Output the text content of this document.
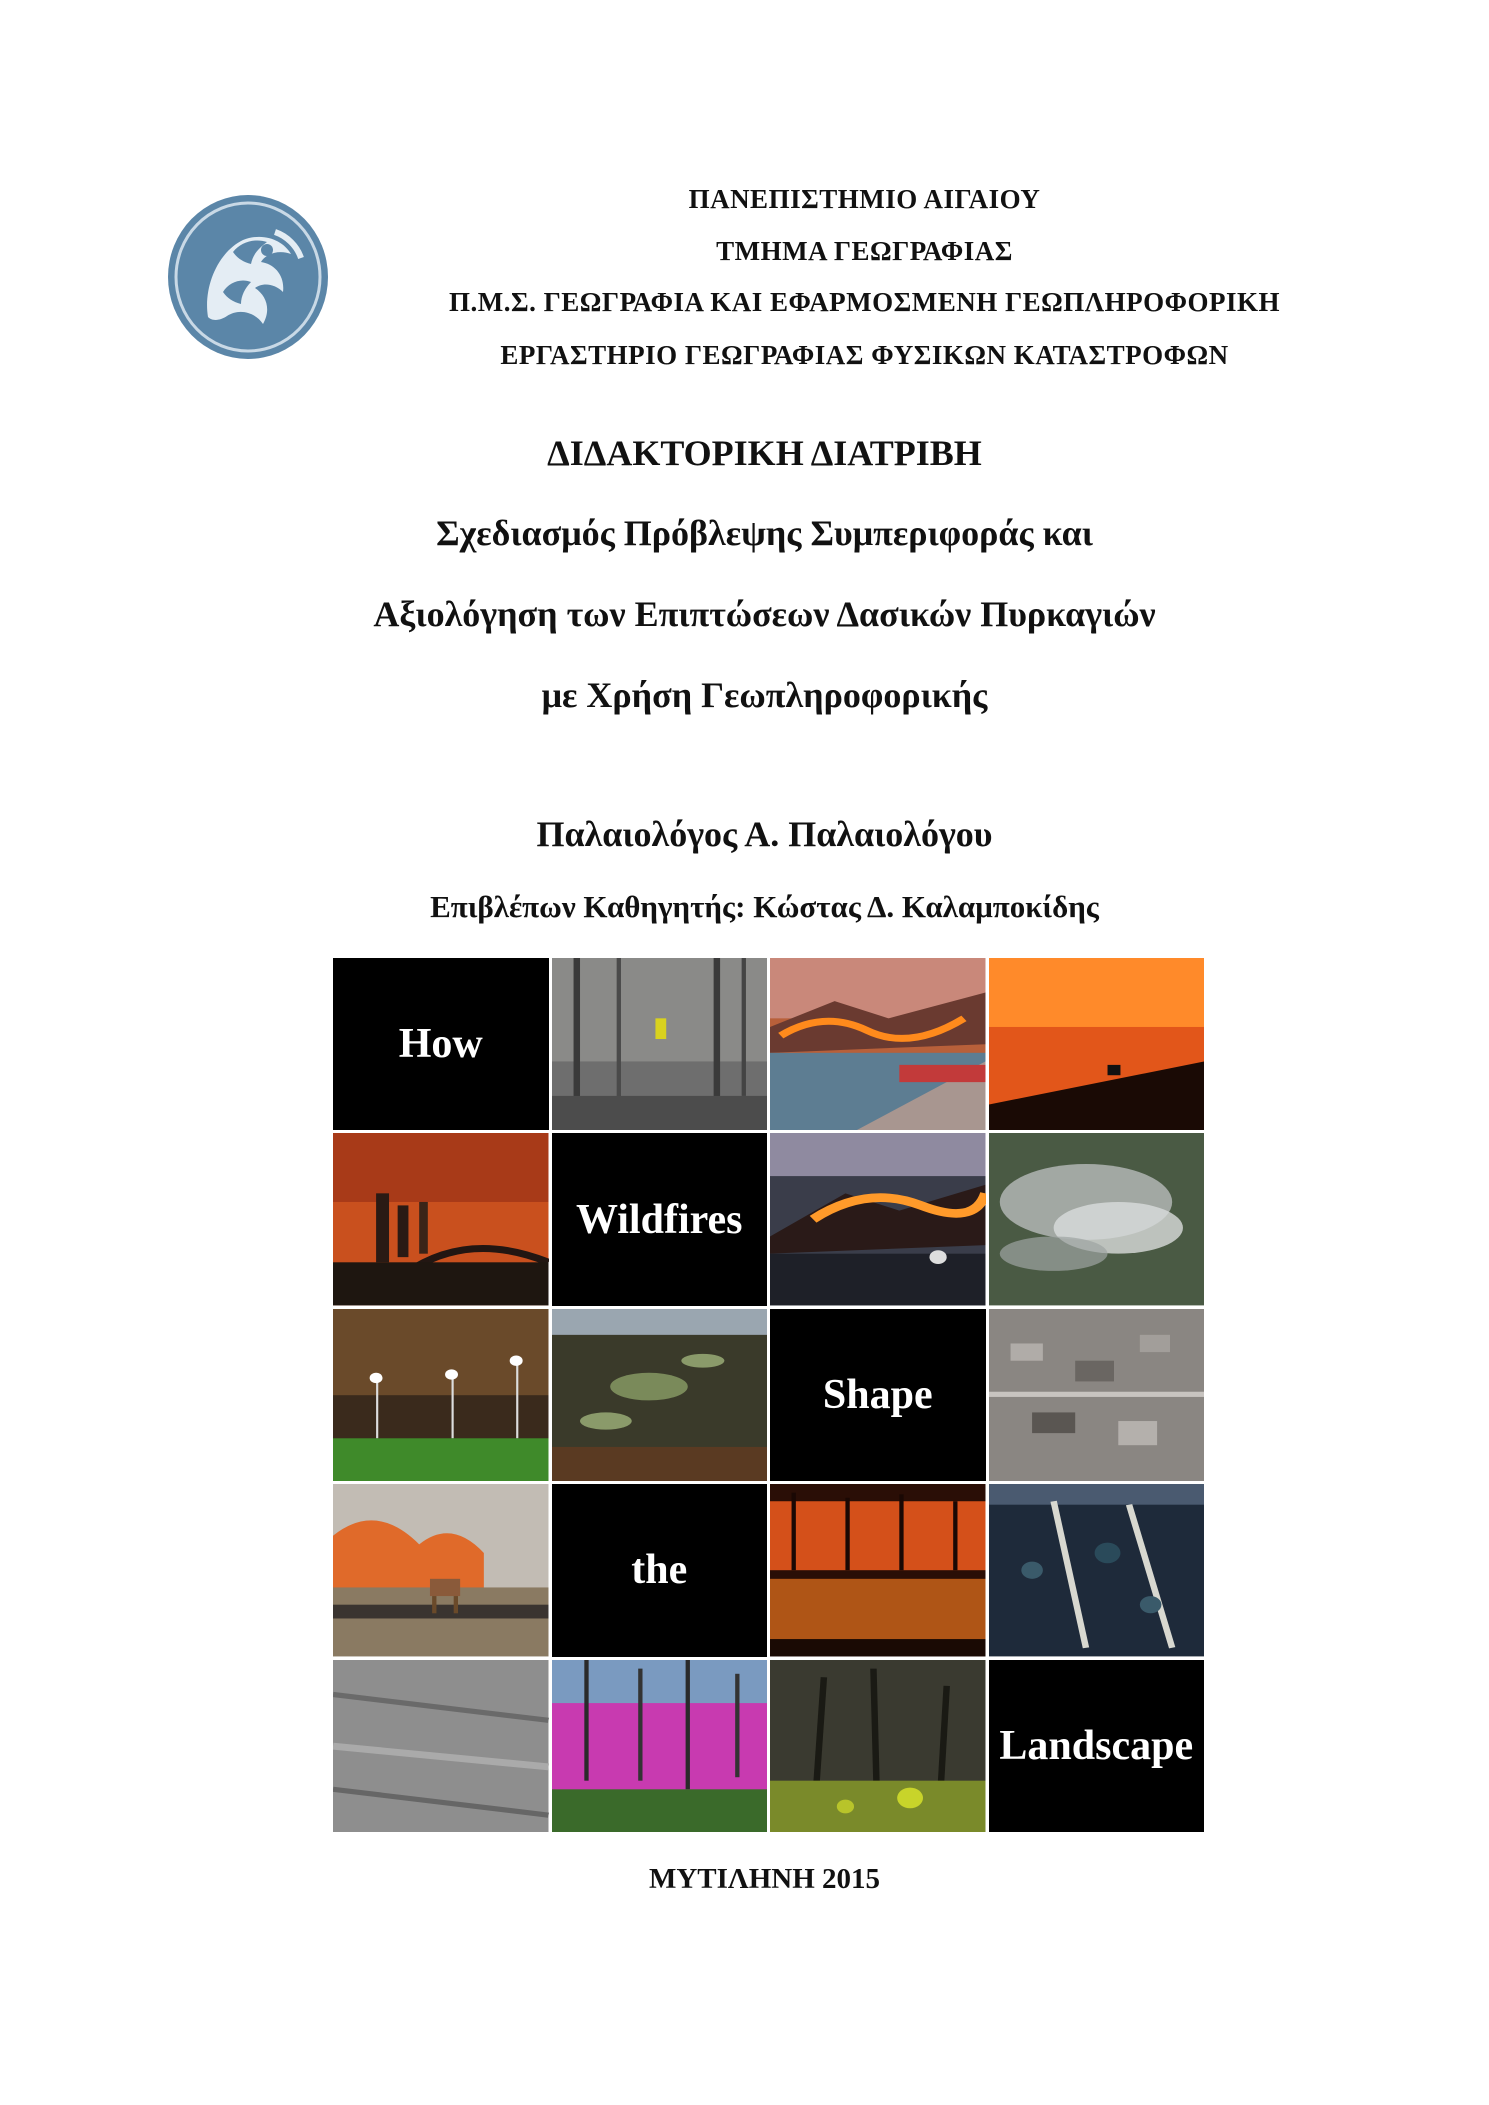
ΠΑΝΕΠΙΣΤΗΜΙΟ ΑΙΓΑΙΟΥ
ΤΜΗΜΑ ΓΕΩΓΡΑΦΙΑΣ
Π.Μ.Σ. ΓΕΩΓΡΑΦΙΑ ΚΑΙ ΕΦΑΡΜΟΣΜΕΝΗ ΓΕΩΠΛΗΡΟΦΟΡΙΚΗ
ΕΡΓΑΣΤΗΡΙΟ ΓΕΩΓΡΑΦΙΑΣ ΦΥΣΙΚΩΝ ΚΑΤΑΣΤΡΟΦΩΝ
ΔΙΔΑΚΤΟΡΙΚΗ ΔΙΑΤΡΙΒΗ
Σχεδιασμός Πρόβλεψης Συμπεριφοράς και
Αξιολόγηση των Επιπτώσεων Δασικών Πυρκαγιών
με Χρήση Γεωπληροφορικής
Παλαιολόγος Α. Παλαιολόγου
Επιβλέπων Καθηγητής: Κώστας Δ. Καλαμποκίδης
How
Wildfires
Shape
the
Landscape
ΜΥΤΙΛΗΝΗ 2015
